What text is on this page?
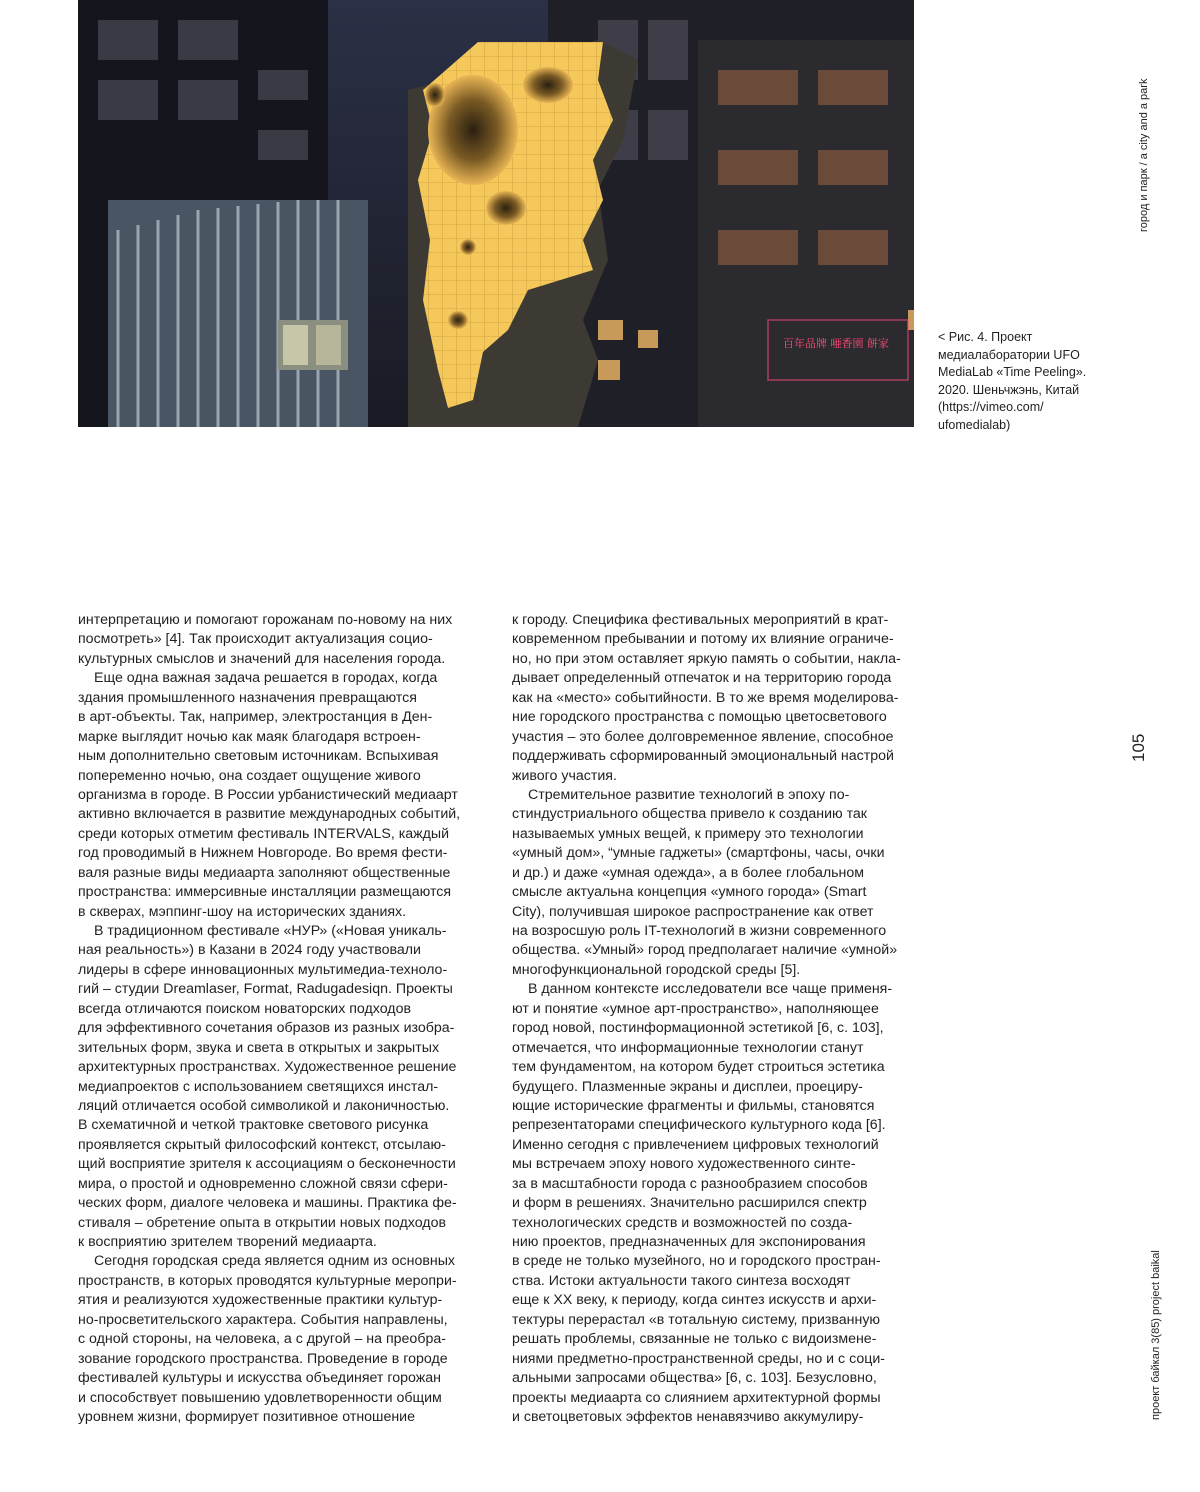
百年品牌 唖香園 餅家	< Рис. 4. Проект
медиалаборатории UFO
MediaLab «Time Peeling».
2020. Шеньчжэнь, Китай
(https://vimeo.com/
ufomedialab)
город и парк / a city and a park
105
проект байкал 3(85) project baikal
интерпретацию и помогают горожанам по-новому на них
посмотреть» [4]. Так происходит актуализация социо-
культурных смыслов и значений для населения города.
Еще одна важная задача решается в городах, когда
здания промышленного назначения превращаются
в арт-объекты. Так, например, электростанция в Ден-
марке выглядит ночью как маяк благодаря встроен-
ным дополнительно световым источникам. Вспыхивая
попеременно ночью, она создает ощущение живого
организма в городе. В России урбанистический медиаарт
активно включается в развитие международных событий,
среди которых отметим фестиваль INTERVALS, каждый
год проводимый в Нижнем Новгороде. Во время фести-
валя разные виды медиаарта заполняют общественные
пространства: иммерсивные инсталляции размещаются
в скверах, мэппинг-шоу на исторических зданиях.
В традиционном фестивале «НУР» («Новая уникаль-
ная реальность») в Казани в 2024 году участвовали
лидеры в сфере инновационных мультимедиа-техноло-
гий – студии Dreamlaser, Format, Radugadesiqn. Проекты
всегда отличаются поиском новаторских подходов
для эффективного сочетания образов из разных изобра-
зительных форм, звука и света в открытых и закрытых
архитектурных пространствах. Художественное решение
медиапроектов с использованием светящихся инстал-
ляций отличается особой символикой и лаконичностью.
В схематичной и четкой трактовке светового рисунка
проявляется скрытый философский контекст, отсылаю-
щий восприятие зрителя к ассоциациям о бесконечности
мира, о простой и одновременно сложной связи сфери-
ческих форм, диалоге человека и машины. Практика фе-
стиваля – обретение опыта в открытии новых подходов
к восприятию зрителем творений медиаарта.
Сегодня городская среда является одним из основных
пространств, в которых проводятся культурные меропри-
ятия и реализуются художественные практики культур-
но-просветительского характера. События направлены,
с одной стороны, на человека, а с другой – на преобра-
зование городского пространства. Проведение в городе
фестивалей культуры и искусства объединяет горожан
и способствует повышению удовлетворенности общим
уровнем жизни, формирует позитивное отношение
к городу. Специфика фестивальных мероприятий в крат-
ковременном пребывании и потому их влияние ограниче-
но, но при этом оставляет яркую память о событии, накла-
дывает определенный отпечаток и на территорию города
как на «место» событийности. В то же время моделирова-
ние городского пространства с помощью цветосветового
участия – это более долговременное явление, способное
поддерживать сформированный эмоциональный настрой
живого участия.
Стремительное развитие технологий в эпоху по-
стиндустриального общества привело к созданию так
называемых умных вещей, к примеру это технологии
«умный дом», “умные гаджеты» (смартфоны, часы, очки
и др.) и даже «умная одежда», а в более глобальном
смысле актуальна концепция «умного города» (Smart
City), получившая широкое распространение как ответ
на возросшую роль IT-технологий в жизни современного
общества. «Умный» город предполагает наличие «умной»
многофункциональной городской среды [5].
В данном контексте исследователи все чаще применя-
ют и понятие «умное арт-пространство», наполняющее
город новой, постинформационной эстетикой [6, с. 103],
отмечается, что информационные технологии станут
тем фундаментом, на котором будет строиться эстетика
будущего. Плазменные экраны и дисплеи, проециру-
ющие исторические фрагменты и фильмы, становятся
репрезентаторами специфического культурного кода [6].
Именно сегодня с привлечением цифровых технологий
мы встречаем эпоху нового художественного синте-
за в масштабности города с разнообразием способов
и форм в решениях. Значительно расширился спектр
технологических средств и возможностей по созда-
нию проектов, предназначенных для экспонирования
в среде не только музейного, но и городского простран-
ства. Истоки актуальности такого синтеза восходят
еще к XX веку, к периоду, когда синтез искусств и архи-
тектуры перерастал «в тотальную систему, призванную
решать проблемы, связанные не только с видоизмене-
ниями предметно-пространственной среды, но и с соци-
альными запросами общества» [6, с. 103]. Безусловно,
проекты медиаарта со слиянием архитектурной формы
и светоцветовых эффектов ненавязчиво аккумулиру-
